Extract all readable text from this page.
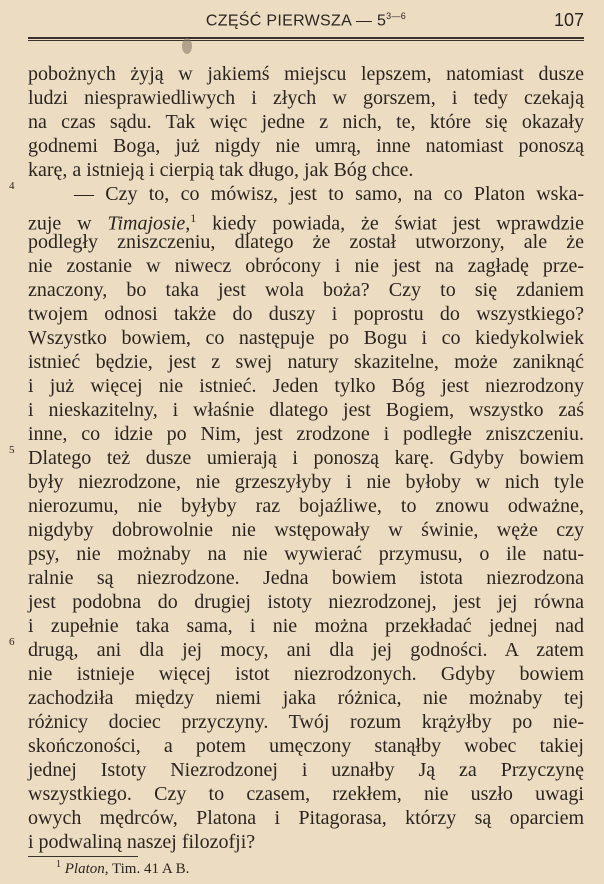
CZĘŚĆ PIERWSZA — $5^{3—6}$	107
4
5
6
pobożnych żyją w jakiemś miejscu lepszem, natomiast dusze
ludzi niesprawiedliwych i złych w gorszem, i tedy czekają
na czas sądu. Tak więc jedne z nich, te, które się okazały
godnemi Boga, już nigdy nie umrą, inne natomiast ponoszą
karę, a istnieją i cierpią tak długo, jak Bóg chce.
— Czy to, co mówisz, jest to samo, na co Platon wska-
zuje w Timajosie,$^1$ kiedy powiada, że świat jest wprawdzie
podległy zniszczeniu, dlatego że został utworzony, ale że
nie zostanie w niwecz obrócony i nie jest na zagładę prze-
znaczony, bo taka jest wola boża? Czy to się zdaniem
twojem odnosi także do duszy i poprostu do wszystkiego?
Wszystko bowiem, co następuje po Bogu i co kiedykolwiek
istnieć będzie, jest z swej natury skazitelne, może zaniknąć
i już więcej nie istnieć. Jeden tylko Bóg jest niezrodzony
i nieskazitelny, i właśnie dlatego jest Bogiem, wszystko zaś
inne, co idzie po Nim, jest zrodzone i podległe zniszczeniu.
Dlatego też dusze umierają i ponoszą karę. Gdyby bowiem
były niezrodzone, nie grzeszyłyby i nie byłoby w nich tyle
nierozumu, nie byłyby raz bojaźliwe, to znowu odważne,
nigdyby dobrowolnie nie wstępowały w świnie, węże czy
psy, nie możnaby na nie wywierać przymusu, o ile natu-
ralnie są niezrodzone. Jedna bowiem istota niezrodzona
jest podobna do drugiej istoty niezrodzonej, jest jej równa
i zupełnie taka sama, i nie można przekładać jednej nad
drugą, ani dla jej mocy, ani dla jej godności. A zatem
nie istnieje więcej istot niezrodzonych. Gdyby bowiem
zachodziła między niemi jaka różnica, nie możnaby tej
różnicy dociec przyczyny. Twój rozum krążyłby po nie-
skończoności, a potem umęczony stanąłby wobec takiej
jednej Istoty Niezrodzonej i uznałby Ją za Przyczynę
wszystkiego. Czy to czasem, rzekłem, nie uszło uwagi
owych mędrców, Platona i Pitagorasa, którzy są oparciem
i podwaliną naszej filozofji?
$^1$ Platon, Tim. 41 A B.
